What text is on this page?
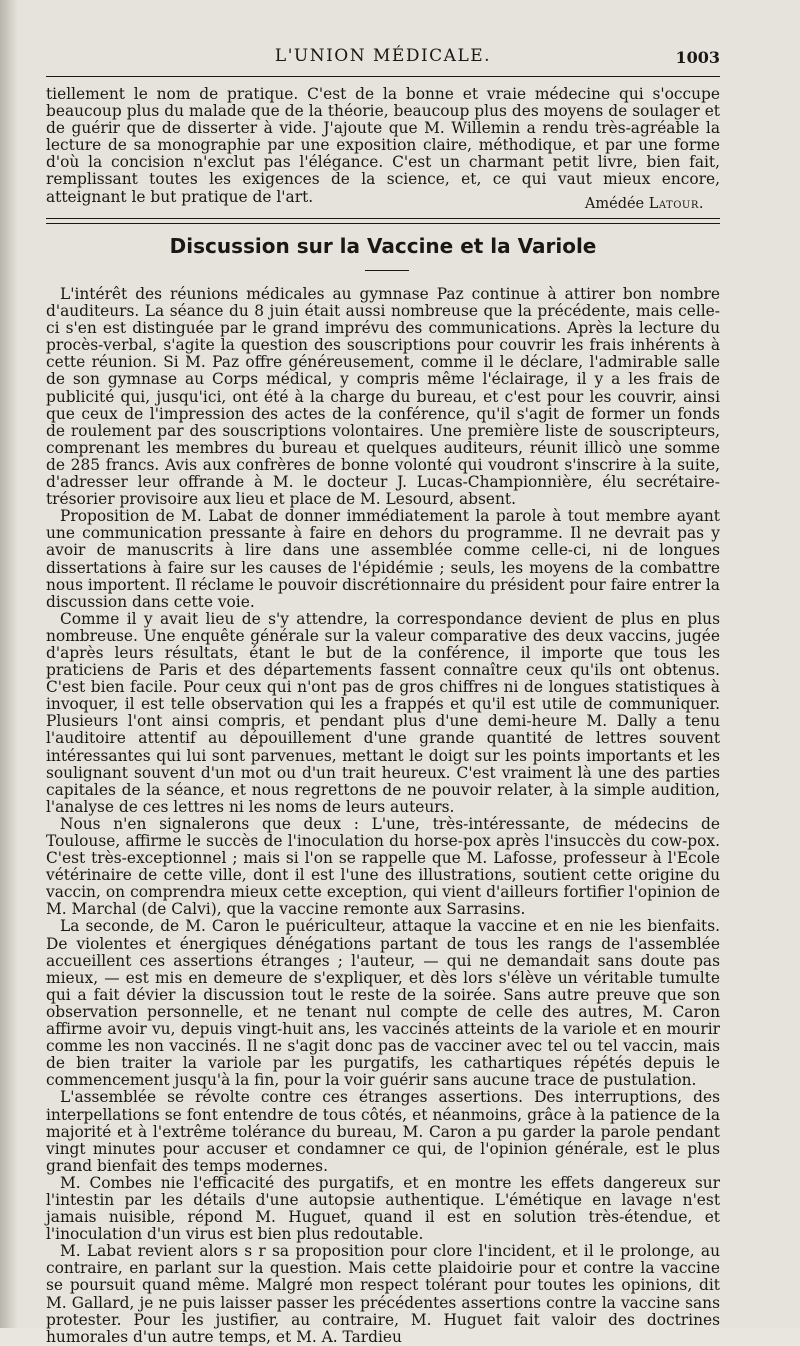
L'UNION MÉDICALE.	1003

tiellement le nom de pratique. C'est de la bonne et vraie médecine qui s'occupe beaucoup plus du malade que de la théorie, beaucoup plus des moyens de soulager et de guérir que de disserter à vide. J'ajoute que M. Willemin a rendu très-agréable la lecture de sa monographie par une exposition claire, méthodique, et par une forme d'où la concision n'exclut pas l'élégance. C'est un charmant petit livre, bien fait, remplissant toutes les exigences de la science, et, ce qui vaut mieux encore, atteignant le but pratique de l'art.	Amédée Latour.
Discussion sur la Vaccine et la Variole

L'intérêt des réunions médicales au gymnase Paz continue à attirer bon nombre d'auditeurs. La séance du 8 juin était aussi nombreuse que la précédente, mais celle-ci s'en est distinguée par le grand imprévu des communications. Après la lecture du procès-verbal, s'agite la question des souscriptions pour couvrir les frais inhérents à cette réunion. Si M. Paz offre généreusement, comme il le déclare, l'admirable salle de son gymnase au Corps médical, y compris même l'éclairage, il y a les frais de publicité qui, jusqu'ici, ont été à la charge du bureau, et c'est pour les couvrir, ainsi que ceux de l'impression des actes de la conférence, qu'il s'agit de former un fonds de roulement par des souscriptions volontaires. Une première liste de souscripteurs, comprenant les membres du bureau et quelques auditeurs, réunit illicò une somme de 285 francs. Avis aux confrères de bonne volonté qui voudront s'inscrire à la suite, d'adresser leur offrande à M. le docteur J. Lucas-Championnière, élu secrétaire-trésorier provisoire aux lieu et place de M. Lesourd, absent.

Proposition de M. Labat de donner immédiatement la parole à tout membre ayant une communication pressante à faire en dehors du programme. Il ne devrait pas y avoir de manuscrits à lire dans une assemblée comme celle-ci, ni de longues dissertations à faire sur les causes de l'épidémie ; seuls, les moyens de la combattre nous importent. Il réclame le pouvoir discrétionnaire du président pour faire entrer la discussion dans cette voie.

Comme il y avait lieu de s'y attendre, la correspondance devient de plus en plus nombreuse. Une enquête générale sur la valeur comparative des deux vaccins, jugée d'après leurs résultats, étant le but de la conférence, il importe que tous les praticiens de Paris et des départements fassent connaître ceux qu'ils ont obtenus. C'est bien facile. Pour ceux qui n'ont pas de gros chiffres ni de longues statistiques à invoquer, il est telle observation qui les a frappés et qu'il est utile de communiquer. Plusieurs l'ont ainsi compris, et pendant plus d'une demi-heure M. Dally a tenu l'auditoire attentif au dépouillement d'une grande quantité de lettres souvent intéressantes qui lui sont parvenues, mettant le doigt sur les points importants et les soulignant souvent d'un mot ou d'un trait heureux. C'est vraiment là une des parties capitales de la séance, et nous regrettons de ne pouvoir relater, à la simple audition, l'analyse de ces lettres ni les noms de leurs auteurs.

Nous n'en signalerons que deux : L'une, très-intéressante, de médecins de Toulouse, affirme le succès de l'inoculation du horse-pox après l'insuccès du cow-pox. C'est très-exceptionnel ; mais si l'on se rappelle que M. Lafosse, professeur à l'Ecole vétérinaire de cette ville, dont il est l'une des illustrations, soutient cette origine du vaccin, on comprendra mieux cette exception, qui vient d'ailleurs fortifier l'opinion de M. Marchal (de Calvi), que la vaccine remonte aux Sarrasins.

La seconde, de M. Caron le puériculteur, attaque la vaccine et en nie les bienfaits. De violentes et énergiques dénégations partant de tous les rangs de l'assemblée accueillent ces assertions étranges ; l'auteur, — qui ne demandait sans doute pas mieux, — est mis en demeure de s'expliquer, et dès lors s'élève un véritable tumulte qui a fait dévier la discussion tout le reste de la soirée. Sans autre preuve que son observation personnelle, et ne tenant nul compte de celle des autres, M. Caron affirme avoir vu, depuis vingt-huit ans, les vaccinés atteints de la variole et en mourir comme les non vaccinés. Il ne s'agit donc pas de vacciner avec tel ou tel vaccin, mais de bien traiter la variole par les purgatifs, les cathartiques répétés depuis le commencement jusqu'à la fin, pour la voir guérir sans aucune trace de pustulation.

L'assemblée se révolte contre ces étranges assertions. Des interruptions, des interpellations se font entendre de tous côtés, et néanmoins, grâce à la patience de la majorité et à l'extrême tolérance du bureau, M. Caron a pu garder la parole pendant vingt minutes pour accuser et condamner ce qui, de l'opinion générale, est le plus grand bienfait des temps modernes.

M. Combes nie l'efficacité des purgatifs, et en montre les effets dangereux sur l'intestin par les détails d'une autopsie authentique. L'émétique en lavage n'est jamais nuisible, répond M. Huguet, quand il est en solution très-étendue, et l'inoculation d'un virus est bien plus redoutable.

M. Labat revient alors s r sa proposition pour clore l'incident, et il le prolonge, au contraire, en parlant sur la question. Mais cette plaidoirie pour et contre la vaccine se poursuit quand même. Malgré mon respect tolérant pour toutes les opinions, dit M. Gallard, je ne puis laisser passer les précédentes assertions contre la vaccine sans protester. Pour les justifier, au contraire, M. Huguet fait valoir des doctrines humorales d'un autre temps, et M. A. Tardieu
